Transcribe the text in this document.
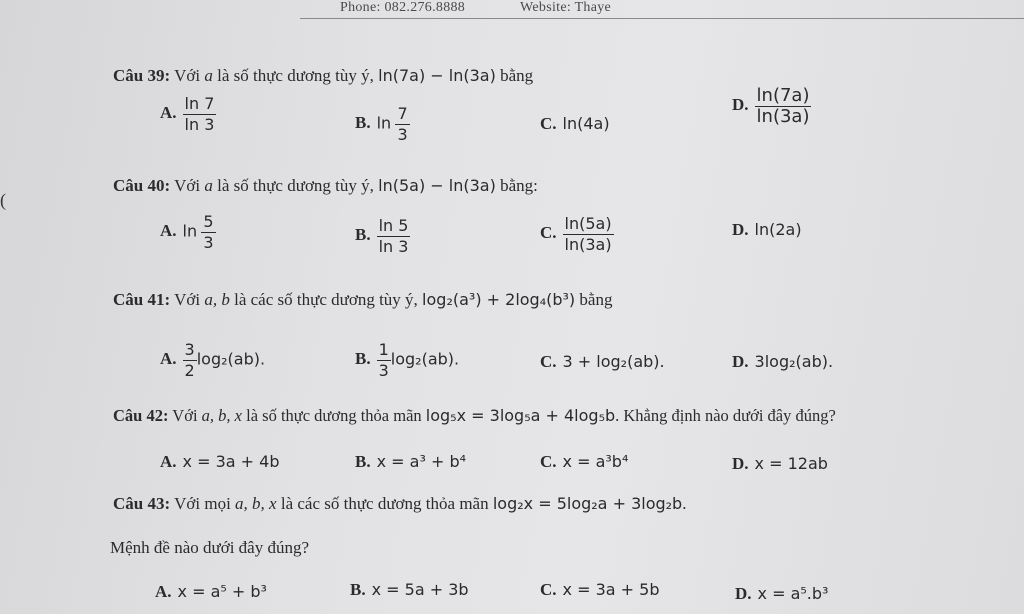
Phone: 082.276.8888	Website: Thaye
(
Câu 39: Với a là số thực dương tùy ý, ln(7a) − ln(3a) bằng
A. $\frac{\ln 7}{\ln 3}$	B. $\ln \frac{7}{3}$	C. ln(4a)
D. $\frac{\ln(7a)}{\ln(3a)}$
Câu 40: Với a là số thực dương tùy ý, ln(5a) − ln(3a) bằng:
A. $\ln \frac{5}{3}$	B. $\frac{\ln 5}{\ln 3}$	C. $\frac{\ln(5a)}{\ln(3a)}$	D. ln(2a)
Câu 41: Với a, b là các số thực dương tùy ý, log₂(a³) + 2log₄(b³) bằng
A. $\frac{3}{2} \log_2(ab)$.	B. $\frac{1}{3} \log_2(ab)$.	C. 3 + log₂(ab).	D. 3log₂(ab).
Câu 42: Với a, b, x là số thực dương thỏa mãn log₅x = 3log₅a + 4log₅b. Khẳng định nào dưới đây đúng?
A. x = 3a + 4b	B. x = a³ + b⁴	C. x = a³b⁴	D. x = 12ab
Câu 43: Với mọi a, b, x là các số thực dương thỏa mãn log₂x = 5log₂a + 3log₂b.
Mệnh đề nào dưới đây đúng?
A. x = a⁵ + b³	B. x = 5a + 3b	C. x = 3a + 5b	D. x = a⁵.b³
